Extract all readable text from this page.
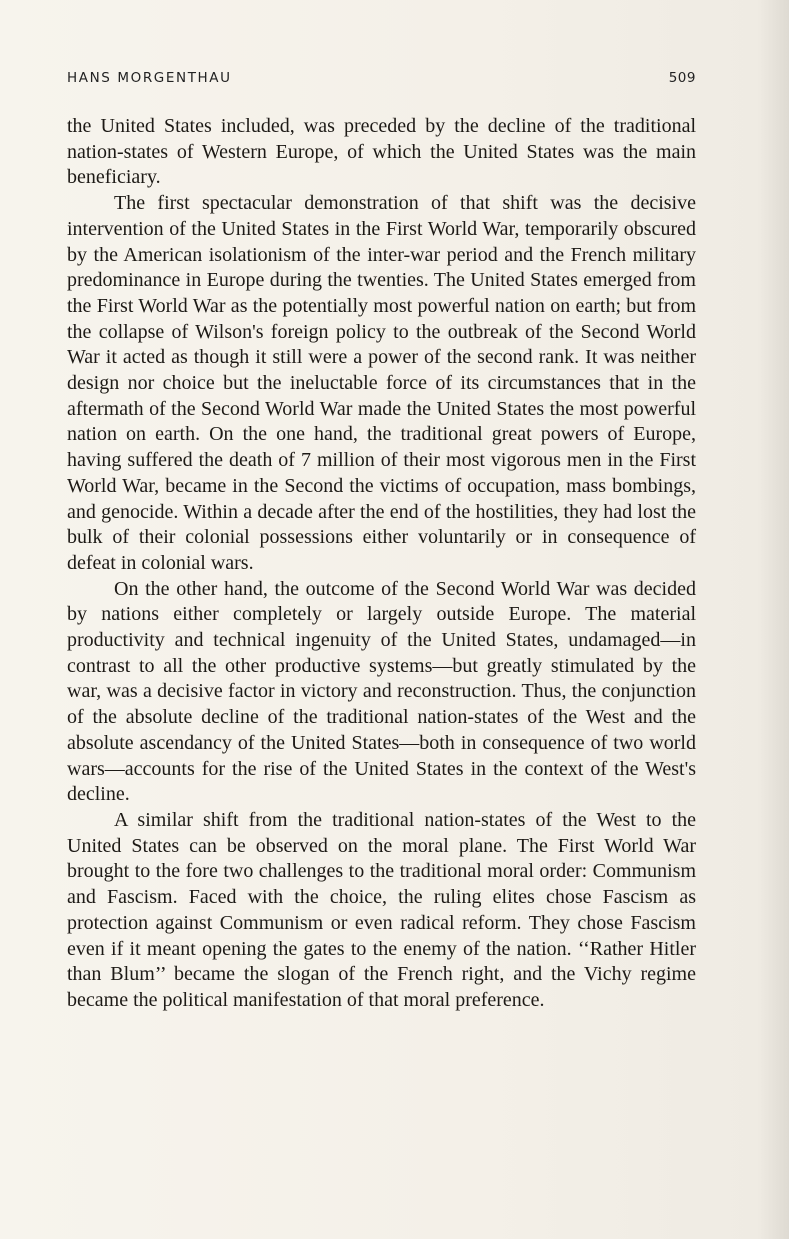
HANS MORGENTHAU	509

the United States included, was preceded by the decline of the traditional nation-states of Western Europe, of which the United States was the main beneficiary.

The first spectacular demonstration of that shift was the decisive intervention of the United States in the First World War, temporarily obscured by the American isolationism of the inter-war period and the French military predominance in Europe during the twenties. The United States emerged from the First World War as the potentially most powerful nation on earth; but from the collapse of Wilson's foreign policy to the outbreak of the Second World War it acted as though it still were a power of the second rank. It was neither design nor choice but the ineluctable force of its circumstances that in the aftermath of the Second World War made the United States the most powerful nation on earth. On the one hand, the traditional great powers of Europe, having suffered the death of 7 million of their most vigorous men in the First World War, became in the Second the victims of occupation, mass bombings, and genocide. Within a decade after the end of the hostilities, they had lost the bulk of their colonial possessions either voluntarily or in consequence of defeat in colonial wars.

On the other hand, the outcome of the Second World War was decided by nations either completely or largely outside Europe. The material productivity and technical ingenuity of the United States, undamaged—in contrast to all the other productive systems—but greatly stimulated by the war, was a decisive factor in victory and reconstruction. Thus, the conjunction of the absolute decline of the traditional nation-states of the West and the absolute ascendancy of the United States—both in consequence of two world wars—accounts for the rise of the United States in the context of the West's decline.

A similar shift from the traditional nation-states of the West to the United States can be observed on the moral plane. The First World War brought to the fore two challenges to the traditional moral order: Communism and Fascism. Faced with the choice, the ruling elites chose Fascism as protection against Communism or even radical reform. They chose Fascism even if it meant opening the gates to the enemy of the nation. ‘‘Rather Hitler than Blum’’ became the slogan of the French right, and the Vichy regime became the political manifestation of that moral preference.
